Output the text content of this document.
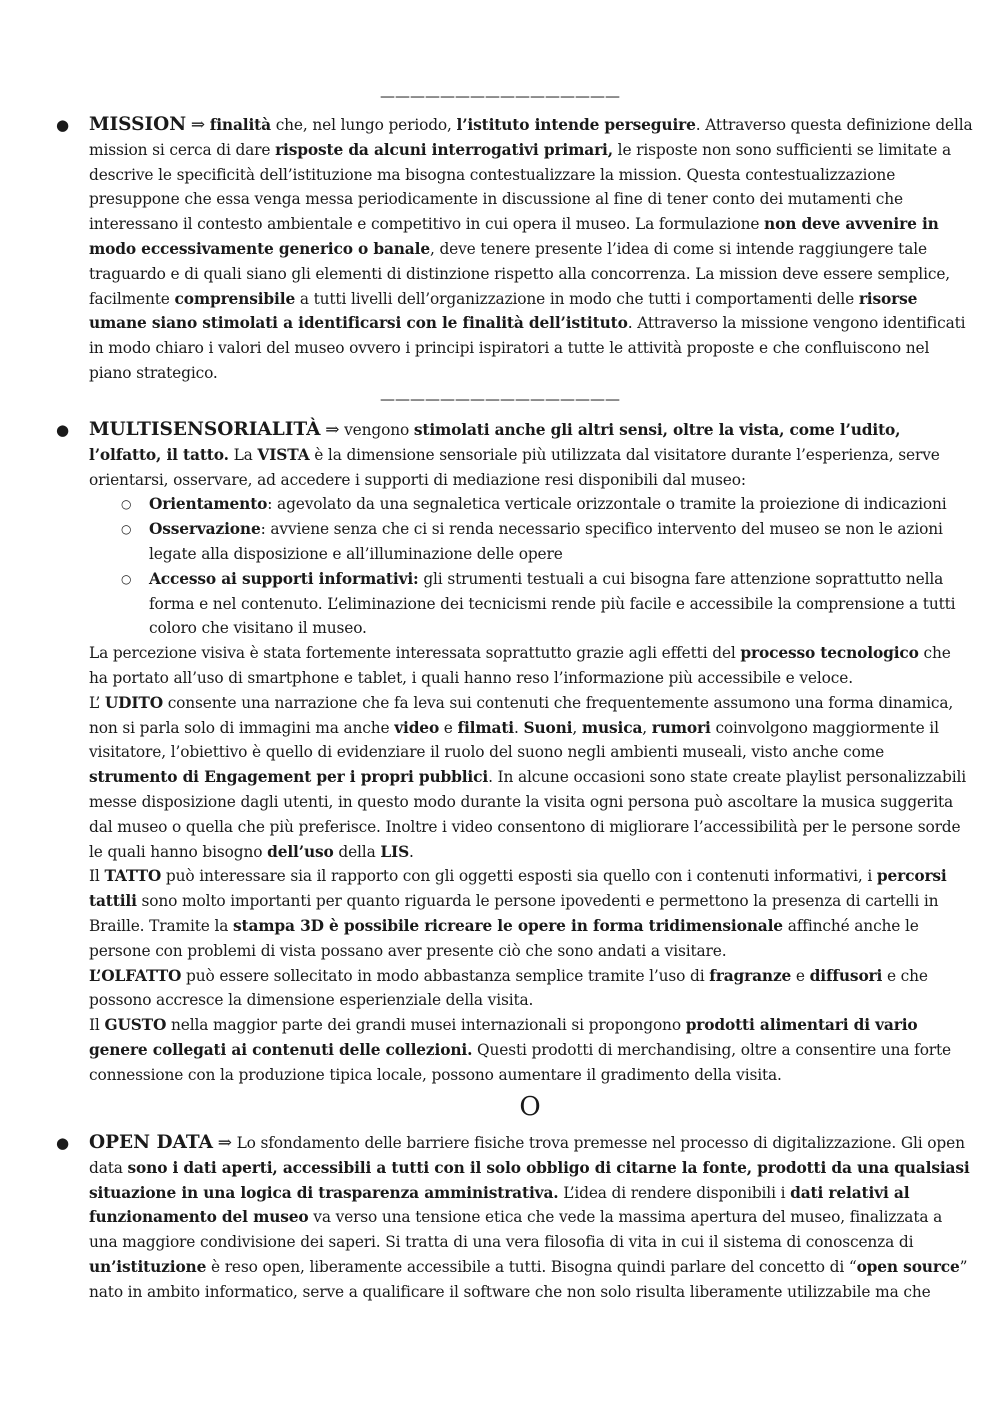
————————————————
● MISSION ⇒ finalità che, nel lungo periodo, l’istituto intende perseguire. Attraverso questa definizione della mission si cerca di dare risposte da alcuni interrogativi primari, le risposte non sono sufficienti se limitate a descrive le specificità dell’istituzione ma bisogna contestualizzare la mission. Questa contestualizzazione presuppone che essa venga messa periodicamente in discussione al fine di tener conto dei mutamenti che interessano il contesto ambientale e competitivo in cui opera il museo. La formulazione non deve avvenire in modo eccessivamente generico o banale, deve tenere presente l’idea di come si intende raggiungere tale traguardo e di quali siano gli elementi di distinzione rispetto alla concorrenza. La mission deve essere semplice, facilmente comprensibile a tutti livelli dell’organizzazione in modo che tutti i comportamenti delle risorse umane siano stimolati a identificarsi con le finalità dell’istituto. Attraverso la missione vengono identificati in modo chiaro i valori del museo ovvero i principi ispiratori a tutte le attività proposte e che confluiscono nel piano strategico.

————————————————
● MULTISENSORIALITÀ ⇒ vengono stimolati anche gli altri sensi, oltre la vista, come l’udito, l’olfatto, il tatto. La VISTA è la dimensione sensoriale più utilizzata dal visitatore durante l’esperienza, serve orientarsi, osservare, ad accedere i supporti di mediazione resi disponibili dal museo:

○ Orientamento: agevolato da una segnaletica verticale orizzontale o tramite la proiezione di indicazioni
○ Osservazione: avviene senza che ci si renda necessario specifico intervento del museo se non le azioni legate alla disposizione e all’illuminazione delle opere
○ Accesso ai supporti informativi: gli strumenti testuali a cui bisogna fare attenzione soprattutto nella forma e nel contenuto. L’eliminazione dei tecnicismi rende più facile e accessibile la comprensione a tutti coloro che visitano il museo.

La percezione visiva è stata fortemente interessata soprattutto grazie agli effetti del processo tecnologico che ha portato all’uso di smartphone e tablet, i quali hanno reso l’informazione più accessibile e veloce.

L’ UDITO consente una narrazione che fa leva sui contenuti che frequentemente assumono una forma dinamica, non si parla solo di immagini ma anche video e filmati. Suoni, musica, rumori coinvolgono maggiormente il visitatore, l’obiettivo è quello di evidenziare il ruolo del suono negli ambienti museali, visto anche come strumento di Engagement per i propri pubblici. In alcune occasioni sono state create playlist personalizzabili messe disposizione dagli utenti, in questo modo durante la visita ogni persona può ascoltare la musica suggerita dal museo o quella che più preferisce. Inoltre i video consentono di migliorare l’accessibilità per le persone sorde le quali hanno bisogno dell’uso della LIS.

Il TATTO può interessare sia il rapporto con gli oggetti esposti sia quello con i contenuti informativi, i percorsi tattili sono molto importanti per quanto riguarda le persone ipovedenti e permettono la presenza di cartelli in Braille. Tramite la stampa 3D è possibile ricreare le opere in forma tridimensionale affinché anche le persone con problemi di vista possano aver presente ciò che sono andati a visitare.

L’OLFATTO può essere sollecitato in modo abbastanza semplice tramite l’uso di fragranze e diffusori e che possono accresce la dimensione esperienziale della visita.

Il GUSTO nella maggior parte dei grandi musei internazionali si propongono prodotti alimentari di vario genere collegati ai contenuti delle collezioni. Questi prodotti di merchandising, oltre a consentire una forte connessione con la produzione tipica locale, possono aumentare il gradimento della visita.

O
● OPEN DATA ⇒ Lo sfondamento delle barriere fisiche trova premesse nel processo di digitalizzazione. Gli open data sono i dati aperti, accessibili a tutti con il solo obbligo di citarne la fonte, prodotti da una qualsiasi situazione in una logica di trasparenza amministrativa. L’idea di rendere disponibili i dati relativi al funzionamento del museo va verso una tensione etica che vede la massima apertura del museo, finalizzata a una maggiore condivisione dei saperi. Si tratta di una vera filosofia di vita in cui il sistema di conoscenza di un’istituzione è reso open, liberamente accessibile a tutti. Bisogna quindi parlare del concetto di “open source” nato in ambito informatico, serve a qualificare il software che non solo risulta liberamente utilizzabile ma che
